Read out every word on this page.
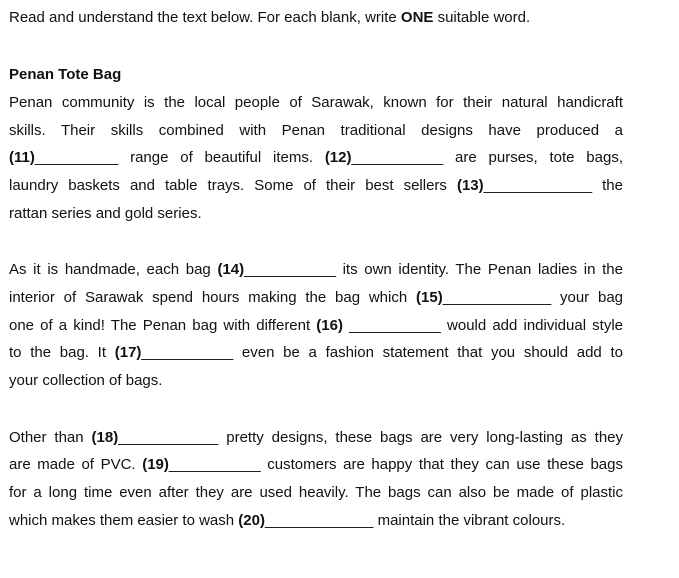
Read and understand the text below. For each blank, write ONE suitable word.
Penan Tote Bag
Penan community is the local people of Sarawak, known for their natural handicraft
skills. Their skills combined with Penan traditional designs have produced a
(11)__________ range of beautiful items. (12)___________ are purses, tote bags,
laundry baskets and table trays. Some of their best sellers (13)_____________ the
rattan series and gold series.
As it is handmade, each bag (14)___________ its own identity. The Penan ladies in the
interior of Sarawak spend hours making the bag which (15)_____________ your bag
one of a kind! The Penan bag with different (16) ___________ would add individual style
to the bag. It (17)___________ even be a fashion statement that you should add to
your collection of bags.
Other than (18)____________ pretty designs, these bags are very long-lasting as they
are made of PVC. (19)___________ customers are happy that they can use these bags
for a long time even after they are used heavily. The bags can also be made of plastic
which makes them easier to wash (20)_____________ maintain the vibrant colours.
